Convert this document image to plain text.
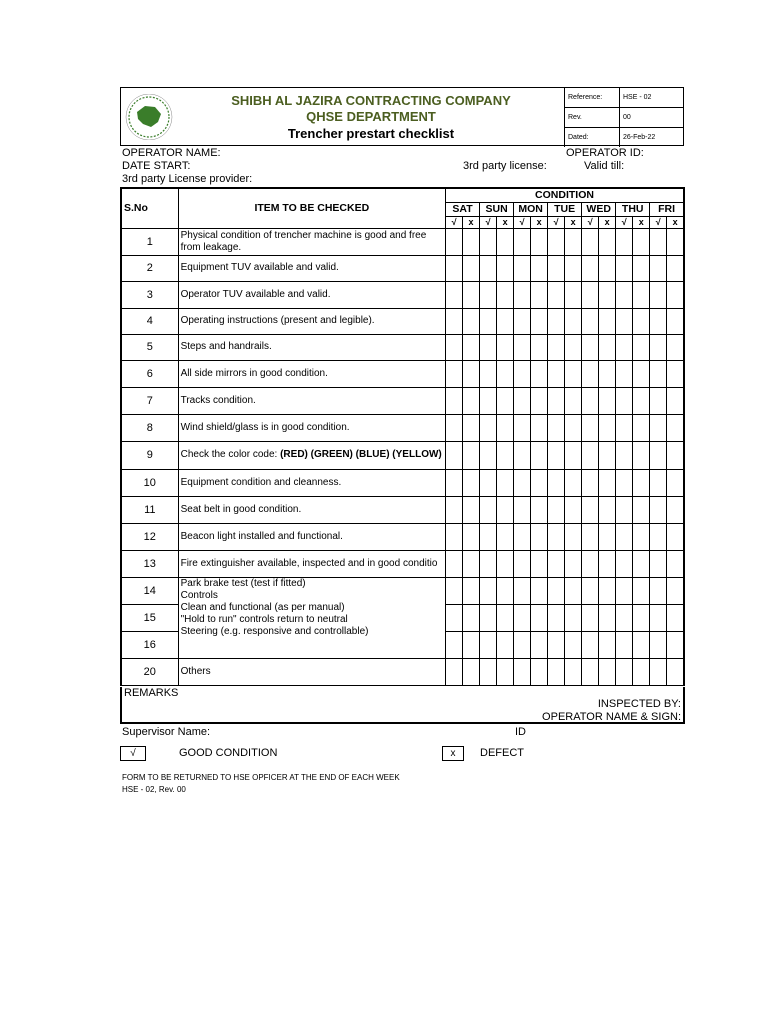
SHIBH AL JAZIRA CONTRACTING COMPANY
QHSE DEPARTMENT
Trencher prestart checklist
Reference:	HSE - 02
Rev.	00
Dated:	26-Feb-22
OPERATOR NAME:	OPERATOR ID:
DATE START:	3rd party license:	Valid till:
3rd party License provider:
S.No	ITEM TO BE CHECKED	CONDITION													
		SAT		SUN		MON		TUE		WED		THU		FRI	
		√	x	√	x	√	x	√	x	√	x	√	x	√	x
1	Physical condition of trencher machine is good and free from leakage.														
2	Equipment TUV available and valid.														
3	Operator TUV available and valid.														
4	Operating instructions (present and legible).														
5	Steps and handrails.														
6	All side mirrors in good condition.														
7	Tracks condition.														
8	Wind shield/glass is in good condition.														
9	Check the color code: (RED) (GREEN) (BLUE) (YELLOW)														
10	Equipment condition and cleanness.														
11	Seat belt in good condition.														
12	Beacon light installed and functional.														
13	Fire extinguisher available, inspected and in good conditio														
14	Park brake test (test if fitted)
Controls
Clean and functional (as per manual)
"Hold to run" controls return to neutral
Steering (e.g. responsive and controllable)														

15															
16															
20	Others														
REMARKS
INSPECTED BY:
OPERATOR NAME & SIGN:
Supervisor Name:	ID
√	GOOD CONDITION	x	DEFECT
FORM TO BE RETURNED TO HSE OPFICER AT THE END OF EACH WEEK
HSE - 02, Rev. 00
